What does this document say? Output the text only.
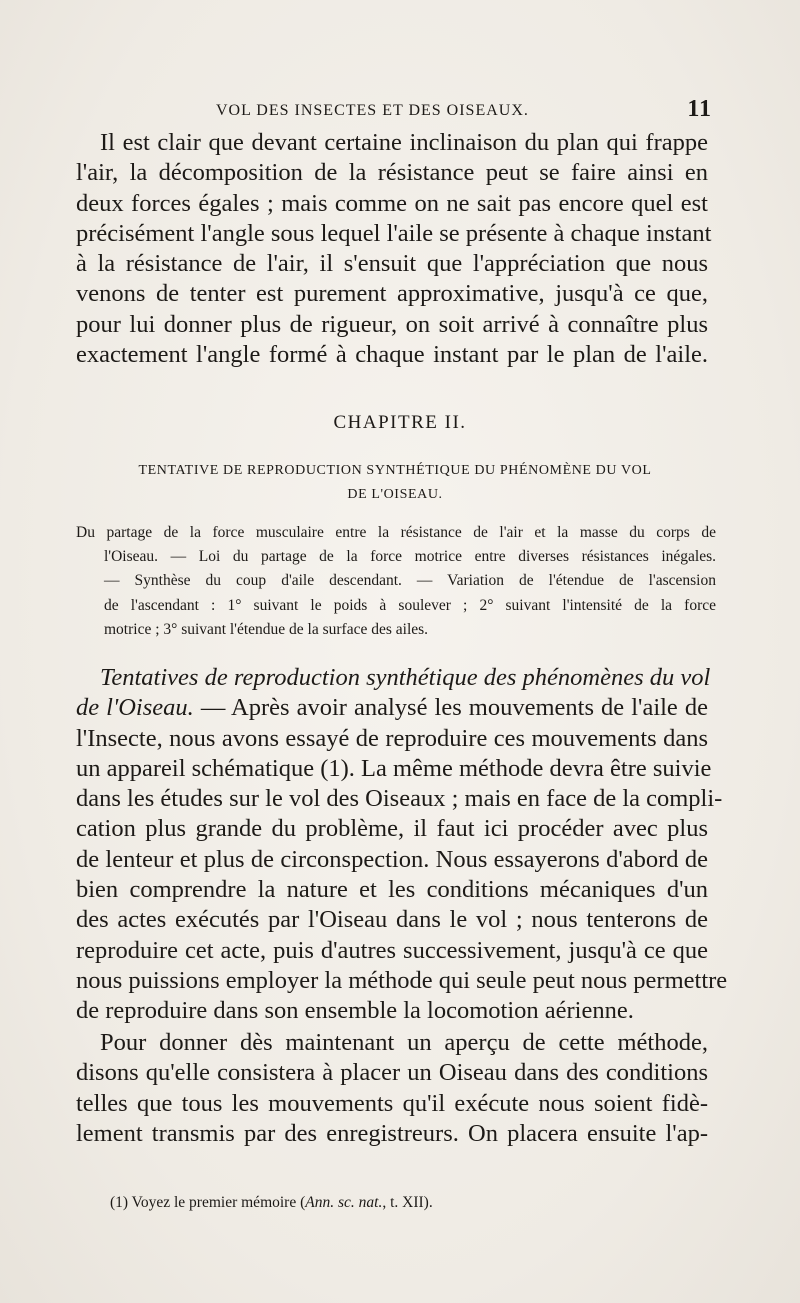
VOL DES INSECTES ET DES OISEAUX.	11
Il est clair que devant certaine inclinaison du plan qui frappe
l'air, la décomposition de la résistance peut se faire ainsi en
deux forces égales ; mais comme on ne sait pas encore quel est
précisément l'angle sous lequel l'aile se présente à chaque instant
à la résistance de l'air, il s'ensuit que l'appréciation que nous
venons de tenter est purement approximative, jusqu'à ce que,
pour lui donner plus de rigueur, on soit arrivé à connaître plus
exactement l'angle formé à chaque instant par le plan de l'aile.
CHAPITRE II.
TENTATIVE DE REPRODUCTION SYNTHÉTIQUE DU PHÉNOMÈNE DU VOL
DE L'OISEAU.
Du partage de la force musculaire entre la résistance de l'air et la masse du corps de
l'Oiseau. — Loi du partage de la force motrice entre diverses résistances inégales.
— Synthèse du coup d'aile descendant. — Variation de l'étendue de l'ascension
de l'ascendant : 1° suivant le poids à soulever ; 2° suivant l'intensité de la force
motrice ; 3° suivant l'étendue de la surface des ailes.
Tentatives de reproduction synthétique des phénomènes du vol
de l'Oiseau. — Après avoir analysé les mouvements de l'aile de
l'Insecte, nous avons essayé de reproduire ces mouvements dans
un appareil schématique (1). La même méthode devra être suivie
dans les études sur le vol des Oiseaux ; mais en face de la compli-
cation plus grande du problème, il faut ici procéder avec plus
de lenteur et plus de circonspection. Nous essayerons d'abord de
bien comprendre la nature et les conditions mécaniques d'un
des actes exécutés par l'Oiseau dans le vol ; nous tenterons de
reproduire cet acte, puis d'autres successivement, jusqu'à ce que
nous puissions employer la méthode qui seule peut nous permettre
de reproduire dans son ensemble la locomotion aérienne.
Pour donner dès maintenant un aperçu de cette méthode,
disons qu'elle consistera à placer un Oiseau dans des conditions
telles que tous les mouvements qu'il exécute nous soient fidè-
lement transmis par des enregistreurs. On placera ensuite l'ap-
(1) Voyez le premier mémoire (Ann. sc. nat., t. XII).
